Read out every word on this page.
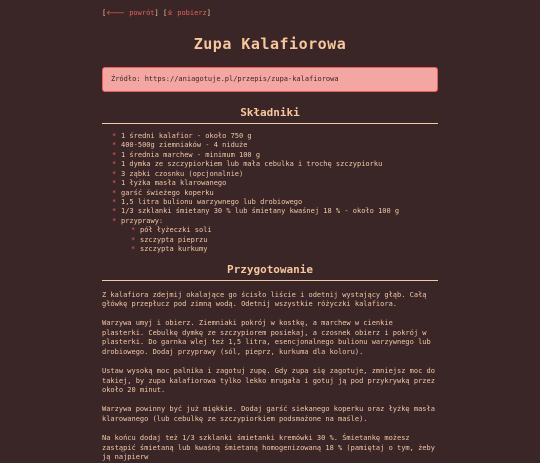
[🡐 powrót] [⤓ pobierz]
Zupa Kalafiorowa
Źródło: https://aniagotuje.pl/przepis/zupa-kalafiorowa
Składniki
* 1 średni kalafior - około 750 g
* 400-500g ziemniaków - 4 niduże
* 1 średnia marchew - minimum 100 g
* 1 dymka ze szczypiorkiem lub mała cebulka i trochę szczypiorku
* 3 ząbki czosnku (opcjonalnie)
* 1 łyżka masła klarowanego
* garść świeżego koperku
* 1,5 litra bulionu warzywnego lub drobiowego
* 1/3 szklanki śmietany 30 % lub śmietany kwaśnej 18 % - około 100 g
* przyprawy:
* pół łyżeczki soli
* szczypta pieprzu
* szczypta kurkumy
Przygotowanie

Z kalafiora zdejmij okalające go ścisło liście i odetnij wystający głąb. Całą główkę przepłucz pod zimną wodą. Odetnij wszystkie różyczki kalafiora.

Warzywa umyj i obierz. Ziemniaki pokrój w kostkę, a marchew w cienkie plasterki. Cebulkę dymkę ze szczypiorem posiekaj, a czosnek obierz i pokrój w plasterki. Do garnka wlej też 1,5 litra, esencjonalnego bulionu warzywnego lub drobiowego. Dodaj przyprawy (sól, pieprz, kurkuma dla koloru).

Ustaw wysoką moc palnika i zagotuj zupę. Gdy zupa się zagotuje, zmniejsz moc do takiej, by zupa kalafiorowa tylko lekko mrugała i gotuj ją pod przykrywką przez około 20 minut.

Warzywa powinny być już miękkie. Dodaj garść siekanego koperku oraz łyżkę masła klarowanego (lub cebulkę ze szczypiorkiem podsmażone na maśle).

Na końcu dodaj też 1/3 szklanki śmietanki kremówki 30 %. Śmietankę możesz zastąpić śmietaną lub kwaśną śmietaną homogenizowaną 18 % (pamiętaj o tym, żeby ją najpierw
